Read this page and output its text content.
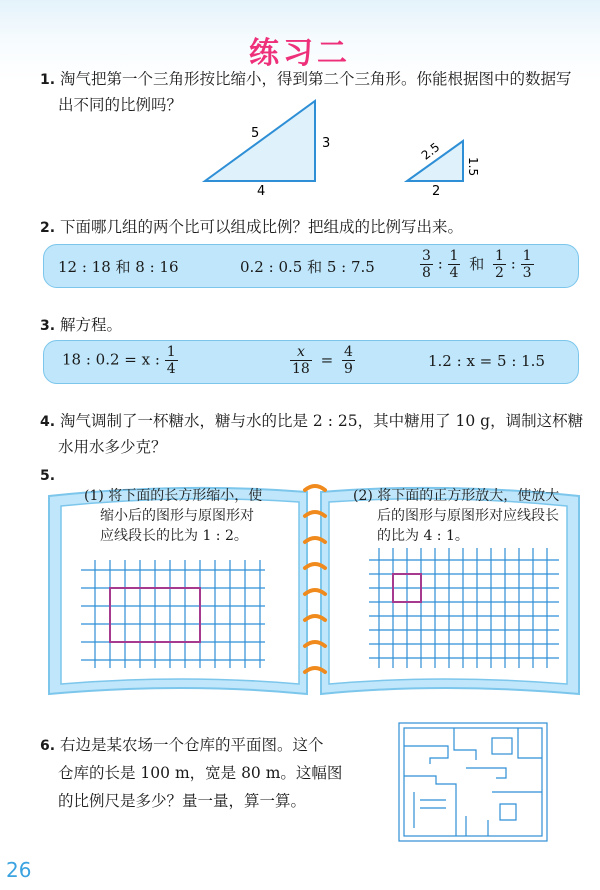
练习二
1. 淘气把第一个三角形按比缩小，得到第二个三角形。你能根据图中的数据写
出不同的比例吗？
5
3
4
2.5
1.5
2
2. 下面哪几组的两个比可以组成比例？把组成的比例写出来。
12 : 18 和 8 : 16	0.2 : 0.5 和 5 : 7.5	$\frac{3}{8}$ : $\frac{1}{4}$ 和 $\frac{1}{2}$ : $\frac{1}{3}$
3. 解方程。
18 : 0.2 = x : $\frac{1}{4}$	$\frac{x}{18} = \frac{4}{9}$	1.2 : x = 5 : 1.5
4. 淘气调制了一杯糖水，糖与水的比是 2 : 25，其中糖用了 10 g，调制这杯糖
水用水多少克？
5.
(1) 将下面的长方形缩小，使
缩小后的图形与原图形对
应线段长的比为 1 : 2。
(2) 将下面的正方形放大，使放大
后的图形与原图形对应线段长
的比为 4 : 1。
6. 右边是某农场一个仓库的平面图。这个
仓库的长是 100 m，宽是 80 m。这幅图
的比例尺是多少？量一量，算一算。
26
